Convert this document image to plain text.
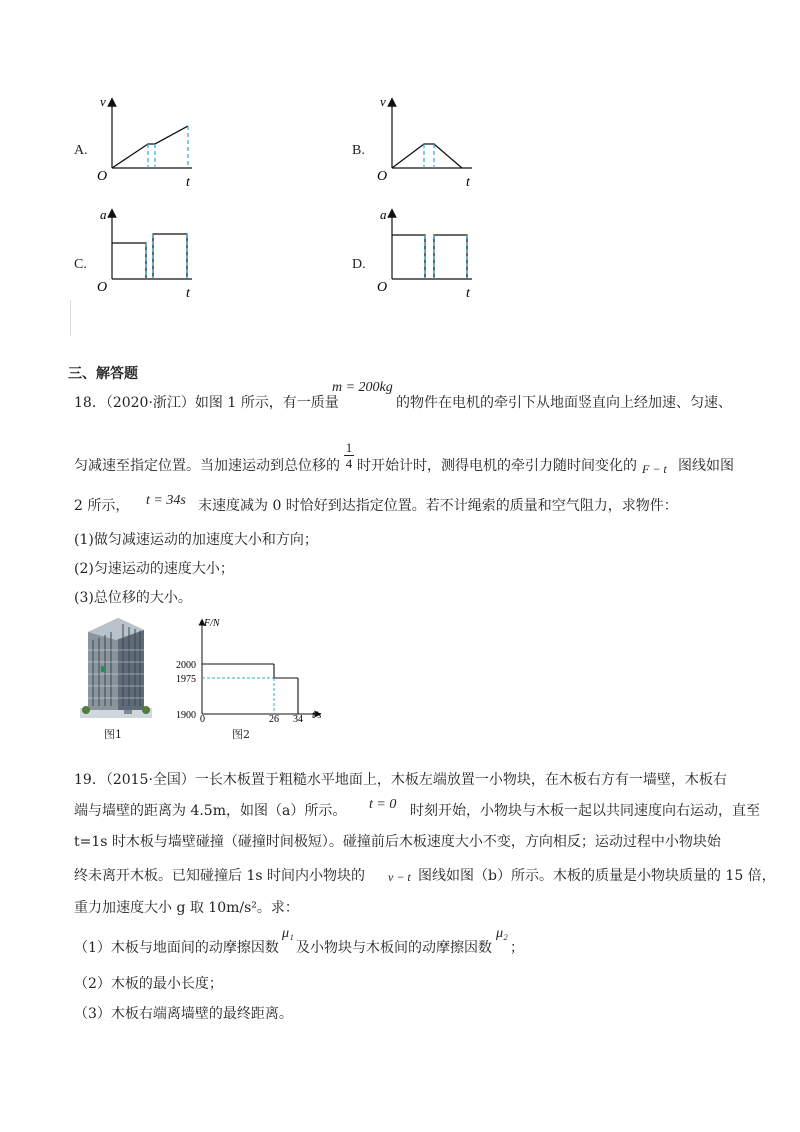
A.
v
O	t
B.
v
O	t
C.
a
O	t
D.
a
O	t
三、解答题
18．（2020·浙江）如图 1 所示，有一质量
m = 200kg
的物件在电机的牵引下从地面竖直向上经加速、匀速、
匀减速至指定位置。当加速运动到总位移的 $\frac{1}{4}$ 时开始计时，测得电机的牵引力随时间变化的 F − t 图线如图
2 所示， t = 34s 末速度减为 0 时恰好到达指定位置。若不计绳索的质量和空气阻力，求物件：
(1)做匀减速运动的加速度大小和方向；
(2)匀速运动的速度大小；
(3)总位移的大小。
图1
F/N
t/s
2000
1975
1900 0	26 34
图2
19．（2015·全国）一长木板置于粗糙水平地面上，木板左端放置一小物块，在木板右方有一墙壁，木板右
端与墙壁的距离为 4.5m，如图（a）所示。 t = 0 时刻开始，小物块与木板一起以共同速度向右运动，直至
t=1s 时木板与墙壁碰撞（碰撞时间极短）。碰撞前后木板速度大小不变，方向相反；运动过程中小物块始
终未离开木板。已知碰撞后 1s 时间内小物块的 v − t 图线如图（b）所示。木板的质量是小物块质量的 15 倍，
重力加速度大小 g 取 10m/s²。求：
（1）木板与地面间的动摩擦因数
μ₁
及小物块与木板间的动摩擦因数
μ₂
；
（2）木板的最小长度；
（3）木板右端离墙壁的最终距离。
